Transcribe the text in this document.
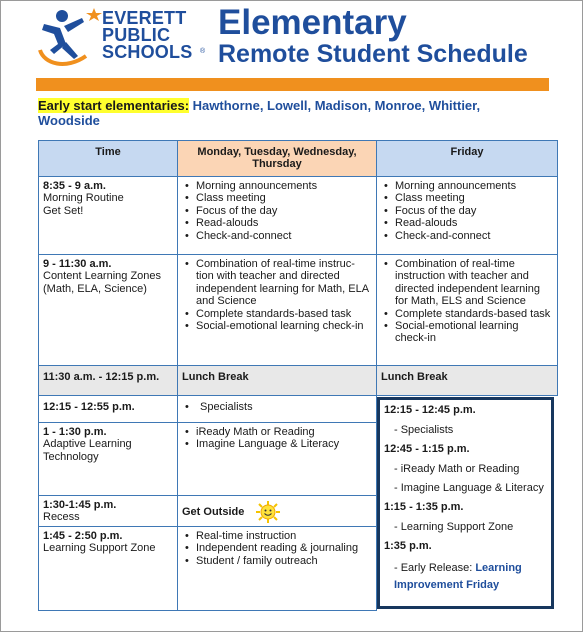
EVERETT
PUBLIC
SCHOOLS ®
Elementary
Remote Student Schedule
Early start elementaries: Hawthorne, Lowell, Madison, Monroe, Whittier, Woodside
Time	Monday, Tuesday, Wednesday, Thursday
Friday
8:35 - 9 a.m.
Morning Routine
Get Set!
• Morning announcements
• Class meeting
• Focus of the day
• Read-alouds
• Check-and-connect
• Morning announcements
• Class meeting
• Focus of the day
• Read-alouds
• Check-and-connect
9 - 11:30 a.m.
Content Learning Zones
(Math, ELA, Science)
• Combination of real-time instruc-tion with teacher and directed independent learning for Math, ELA and Science
• Complete standards-based task
• Social-emotional learning check-in
• Combination of real-time instruction with teacher and directed independent learning for Math, ELS and Science
• Complete standards-based task
• Social-emotional learning check-in
11:30 a.m. - 12:15 p.m.	Lunch Break	Lunch Break
12:15 - 12:55 p.m.
•	Specialists
1 - 1:30 p.m.
Adaptive Learning
Technology
• iReady Math or Reading
• Imagine Language & Literacy
1:30-1:45 p.m.
Recess	Get Outside
1:45 - 2:50 p.m.
Learning Support Zone
• Real-time instruction
• Independent reading & journaling
• Student / family outreach
12:15 - 12:45 p.m.
- Specialists
12:45 - 1:15 p.m.
- iReady Math or Reading
- Imagine Language & Literacy
1:15 - 1:35 p.m.
- Learning Support Zone
1:35 p.m.
- Early Release: Learning Improvement Friday
